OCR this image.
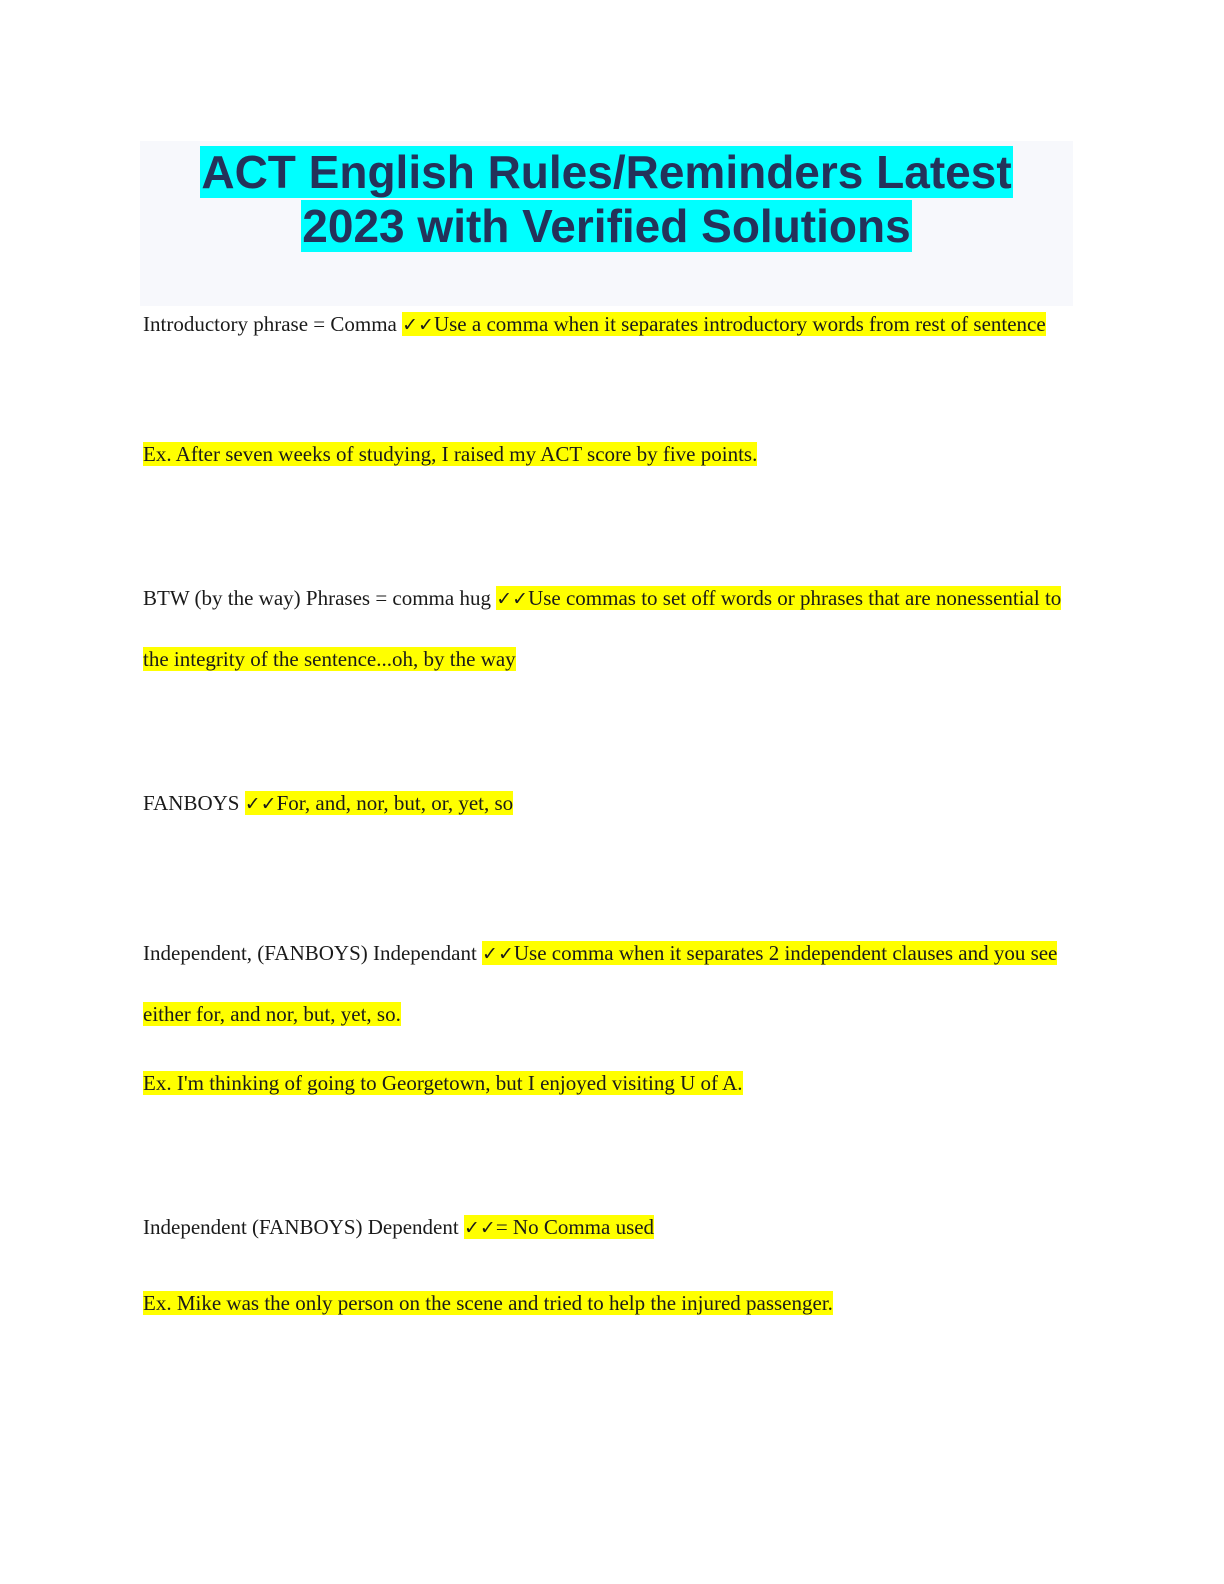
ACT English Rules/Reminders Latest
2023 with Verified Solutions

Introductory phrase = Comma ✓✓Use a comma when it separates introductory words from rest of sentence

Ex. After seven weeks of studying, I raised my ACT score by five points.

BTW (by the way) Phrases = comma hug ✓✓Use commas to set off words or phrases that are nonessential to the integrity of the sentence...oh, by the way

FANBOYS ✓✓For, and, nor, but, or, yet, so

Independent, (FANBOYS) Independant ✓✓Use comma when it separates 2 independent clauses and you see either for, and nor, but, yet, so.

Ex. I'm thinking of going to Georgetown, but I enjoyed visiting U of A.

Independent (FANBOYS) Dependent ✓✓= No Comma used

Ex. Mike was the only person on the scene and tried to help the injured passenger.
